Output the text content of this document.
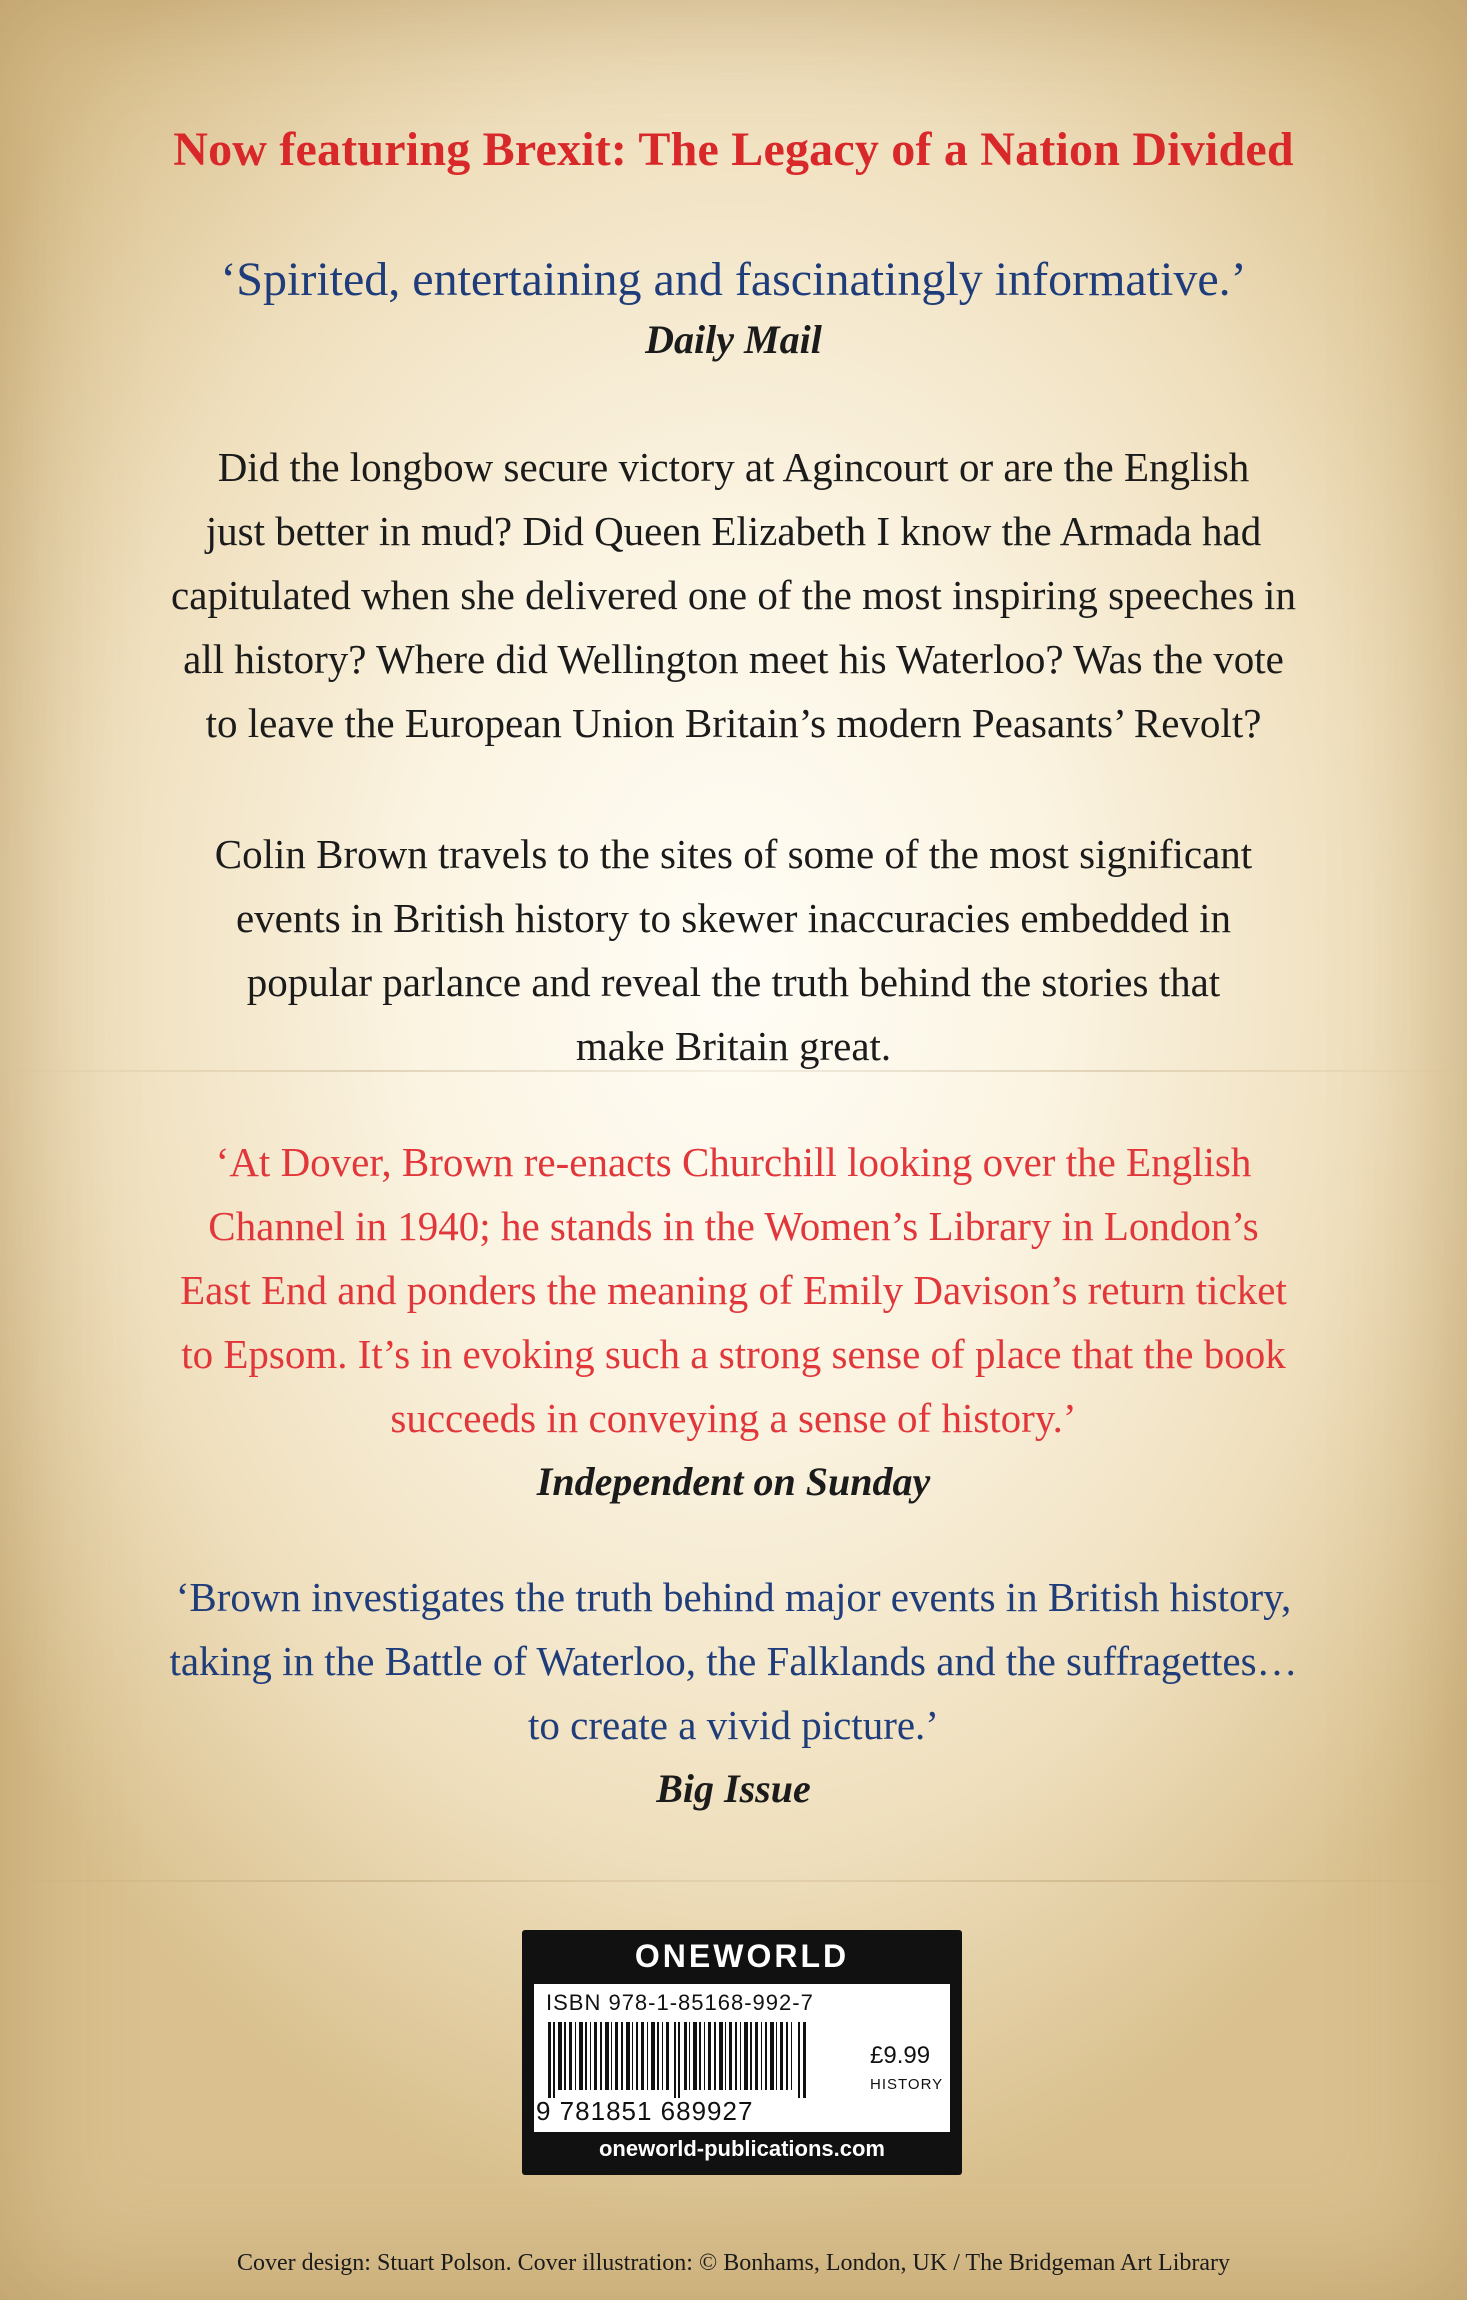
Now featuring Brexit: The Legacy of a Nation Divided
‘Spirited, entertaining and fascinatingly informative.’
Daily Mail
Did the longbow secure victory at Agincourt or are the English
just better in mud? Did Queen Elizabeth I know the Armada had
capitulated when she delivered one of the most inspiring speeches in
all history? Where did Wellington meet his Waterloo? Was the vote
to leave the European Union Britain’s modern Peasants’ Revolt?
Colin Brown travels to the sites of some of the most significant
events in British history to skewer inaccuracies embedded in
popular parlance and reveal the truth behind the stories that
make Britain great.
‘At Dover, Brown re-enacts Churchill looking over the English
Channel in 1940; he stands in the Women’s Library in London’s
East End and ponders the meaning of Emily Davison’s return ticket
to Epsom. It’s in evoking such a strong sense of place that the book
succeeds in conveying a sense of history.’
Independent on Sunday
‘Brown investigates the truth behind major events in British history,
taking in the Battle of Waterloo, the Falklands and the suffragettes…
to create a vivid picture.’
Big Issue
ONEWORLD
ISBN 978-1-85168-992-7
9 781851 689927
£9.99
HISTORY
oneworld-publications.com
Cover design: Stuart Polson. Cover illustration: © Bonhams, London, UK / The Bridgeman Art Library
